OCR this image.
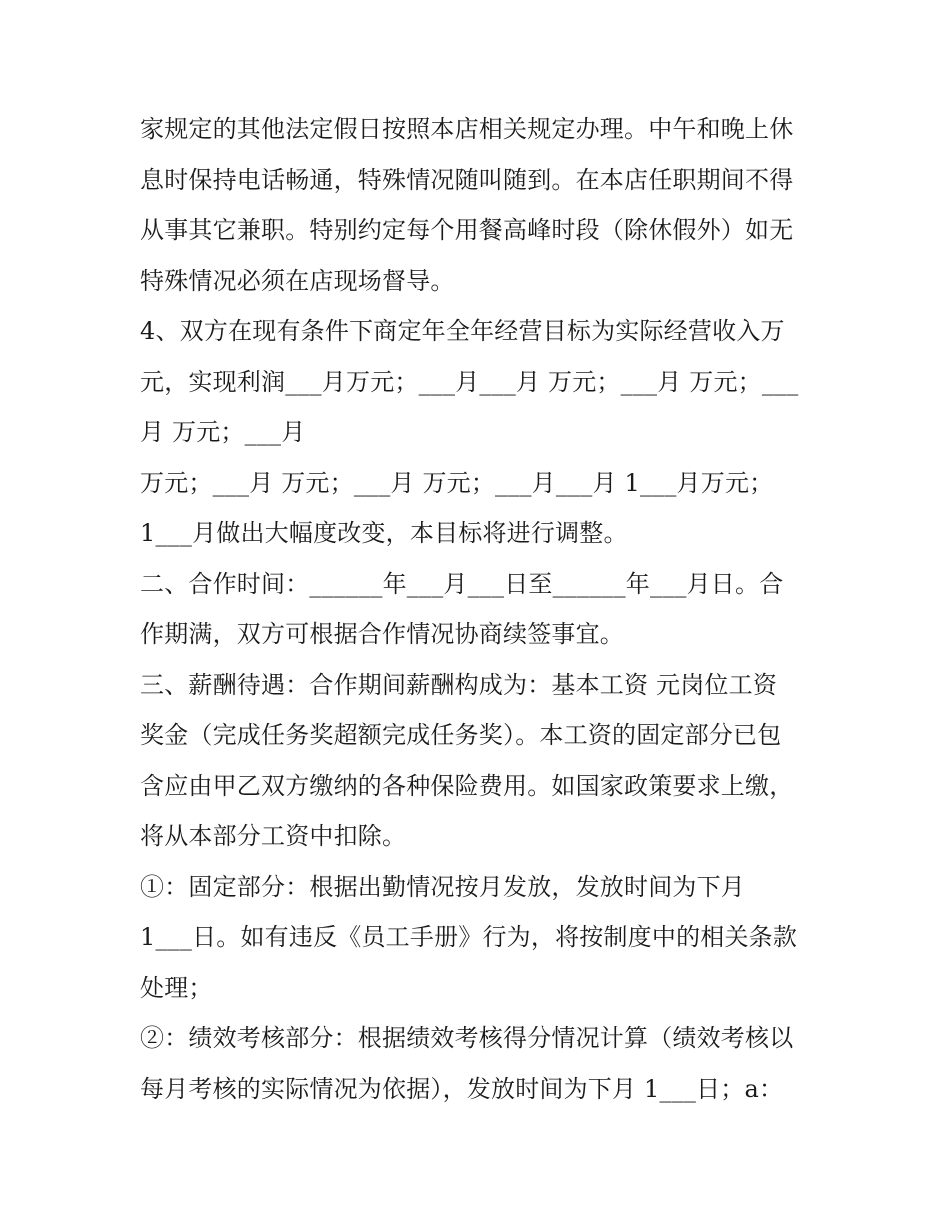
家规定的其他法定假日按照本店相关规定办理。中午和晚上休
息时保持电话畅通，特殊情况随叫随到。在本店任职期间不得
从事其它兼职。特别约定每个用餐高峰时段（除休假外）如无
特殊情况必须在店现场督导。
4、双方在现有条件下商定年全年经营目标为实际经营收入万
元，实现利润___月万元；___月___月 万元；___月 万元；___
月 万元；___月
万元；___月 万元；___月 万元；___月___月 1___月万元；
1___月做出大幅度改变，本目标将进行调整。
二、合作时间：______年___月___日至______年___月日。合
作期满，双方可根据合作情况协商续签事宜。
三、薪酬待遇：合作期间薪酬构成为：基本工资 元岗位工资
奖金（完成任务奖超额完成任务奖）。本工资的固定部分已包
含应由甲乙双方缴纳的各种保险费用。如国家政策要求上缴，
将从本部分工资中扣除。
①：固定部分：根据出勤情况按月发放，发放时间为下月
1___日。如有违反《员工手册》行为，将按制度中的相关条款
处理；
②：绩效考核部分：根据绩效考核得分情况计算（绩效考核以
每月考核的实际情况为依据），发放时间为下月 1___日；a：
